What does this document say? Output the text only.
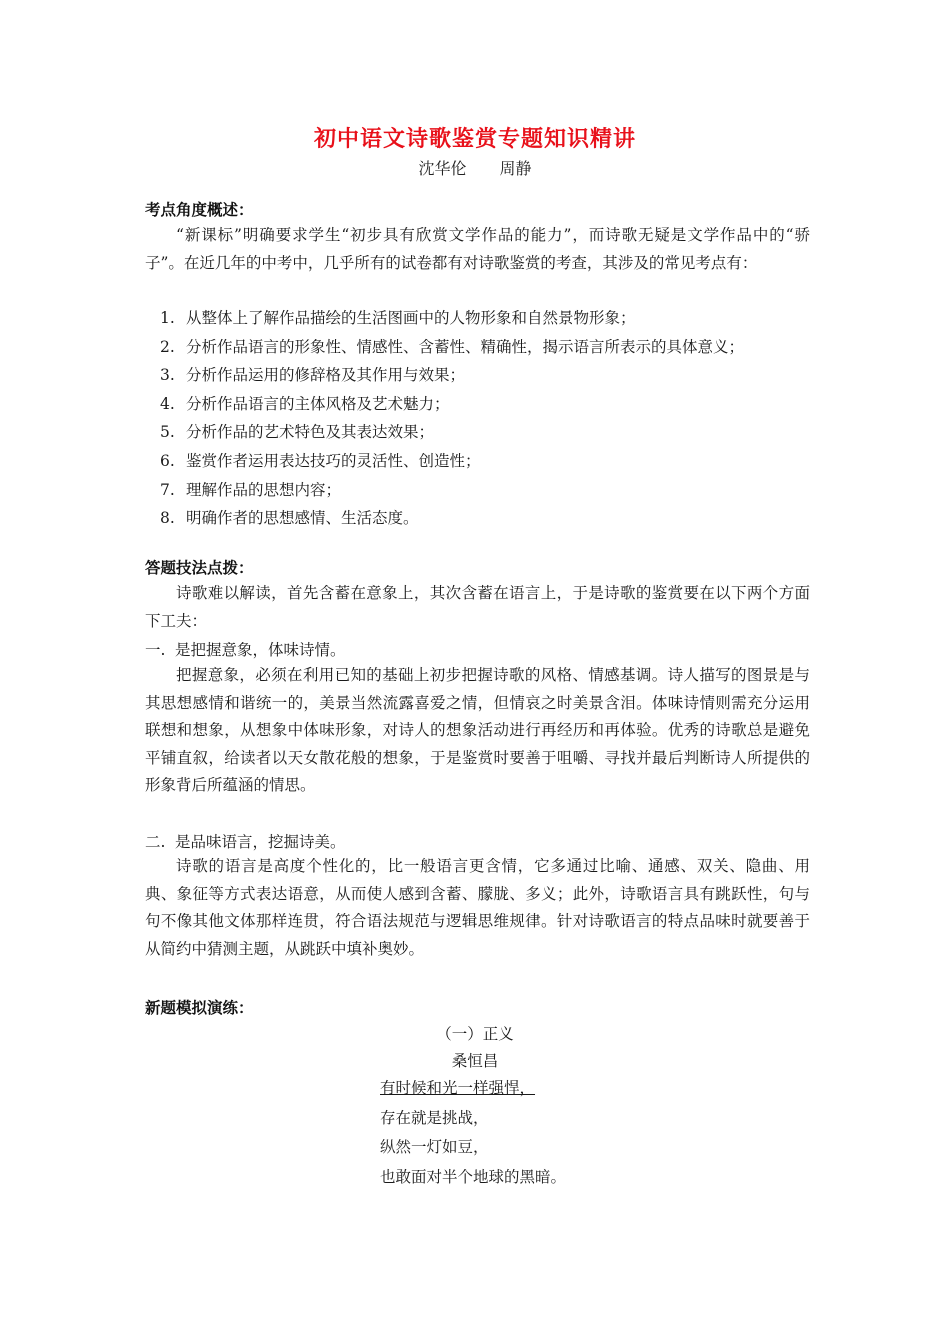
初中语文诗歌鉴赏专题知识精讲
沈华伦 周静
考点角度概述：
“新课标”明确要求学生“初步具有欣赏文学作品的能力”，而诗歌无疑是文学作品中的“骄子”。在近几年的中考中，几乎所有的试卷都有对诗歌鉴赏的考查，其涉及的常见考点有：
1. 从整体上了解作品描绘的生活图画中的人物形象和自然景物形象；
2. 分析作品语言的形象性、情感性、含蓄性、精确性，揭示语言所表示的具体意义；
3. 分析作品运用的修辞格及其作用与效果；
4. 分析作品语言的主体风格及艺术魅力；
5. 分析作品的艺术特色及其表达效果；
6. 鉴赏作者运用表达技巧的灵活性、创造性；
7. 理解作品的思想内容；
8. 明确作者的思想感情、生活态度。
答题技法点拨：
诗歌难以解读，首先含蓄在意象上，其次含蓄在语言上，于是诗歌的鉴赏要在以下两个方面下工夫：
一. 是把握意象，体味诗情。
把握意象，必须在利用已知的基础上初步把握诗歌的风格、情感基调。诗人描写的图景是与其思想感情和谐统一的，美景当然流露喜爱之情，但情哀之时美景含泪。体味诗情则需充分运用联想和想象，从想象中体味形象，对诗人的想象活动进行再经历和再体验。优秀的诗歌总是避免平铺直叙，给读者以天女散花般的想象，于是鉴赏时要善于咀嚼、寻找并最后判断诗人所提供的形象背后所蕴涵的情思。
二. 是品味语言，挖掘诗美。
诗歌的语言是高度个性化的，比一般语言更含情，它多通过比喻、通感、双关、隐曲、用典、象征等方式表达语意，从而使人感到含蓄、朦胧、多义；此外，诗歌语言具有跳跃性，句与句不像其他文体那样连贯，符合语法规范与逻辑思维规律。针对诗歌语言的特点品味时就要善于从简约中猜测主题，从跳跃中填补奥妙。
新题模拟演练：
（一）正义
桑恒昌
有时候和光一样强悍，
存在就是挑战，
纵然一灯如豆，
也敢面对半个地球的黑暗。
